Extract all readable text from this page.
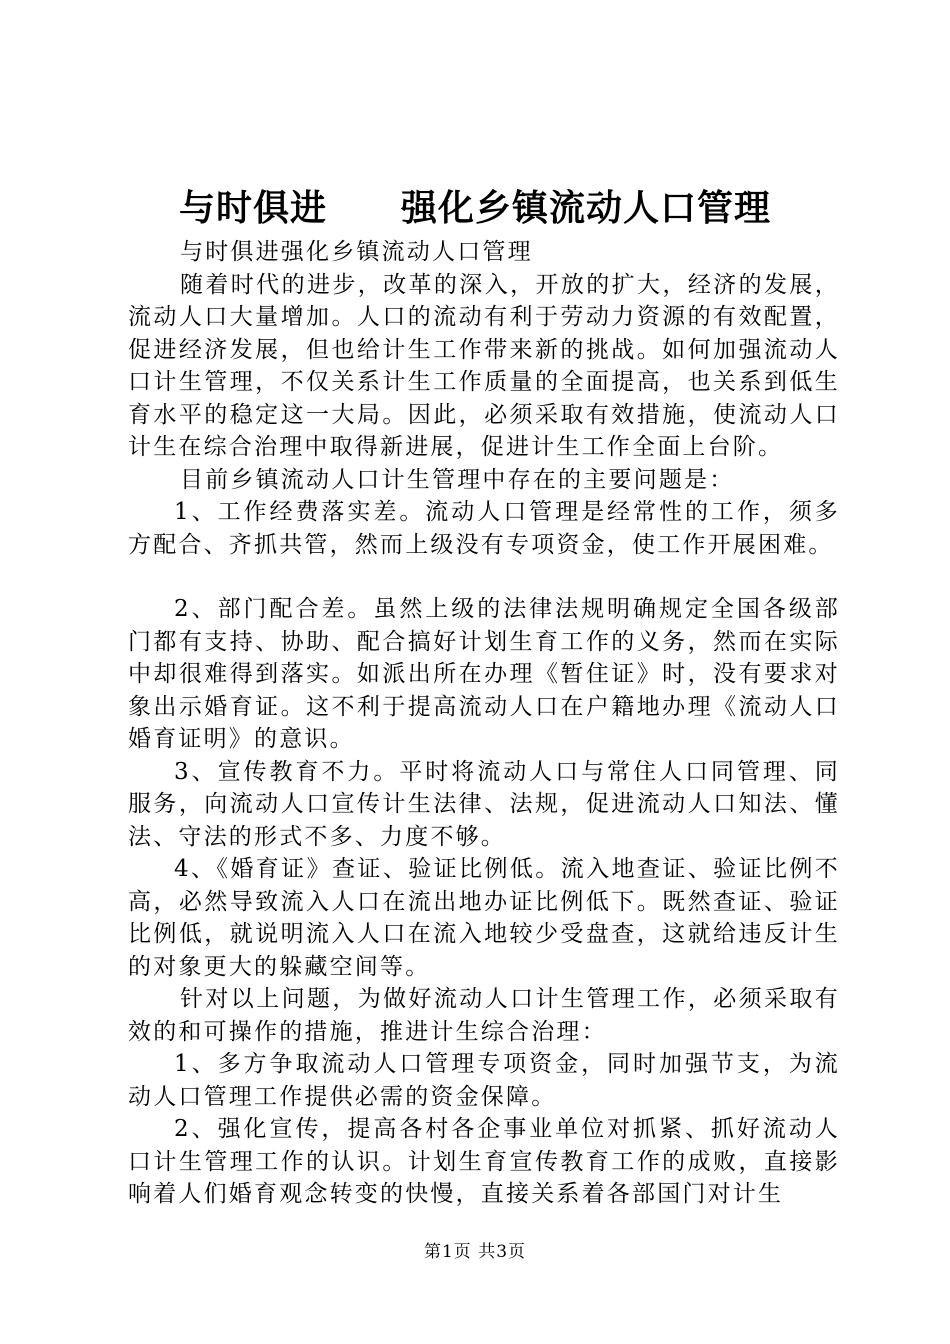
与时俱进　　强化乡镇流动人口管理

与时俱进强化乡镇流动人口管理

随着时代的进步，改革的深入，开放的扩大，经济的发展，流动人口大量增加。人口的流动有利于劳动力资源的有效配置，促进经济发展，但也给计生工作带来新的挑战。如何加强流动人口计生管理，不仅关系计生工作质量的全面提高，也关系到低生育水平的稳定这一大局。因此，必须采取有效措施，使流动人口计生在综合治理中取得新进展，促进计生工作全面上台阶。

目前乡镇流动人口计生管理中存在的主要问题是：

1、工作经费落实差。流动人口管理是经常性的工作，须多方配合、齐抓共管，然而上级没有专项资金，使工作开展困难。

2、部门配合差。虽然上级的法律法规明确规定全国各级部门都有支持、协助、配合搞好计划生育工作的义务，然而在实际中却很难得到落实。如派出所在办理《暂住证》时，没有要求对象出示婚育证。这不利于提高流动人口在户籍地办理《流动人口婚育证明》的意识。

3、宣传教育不力。平时将流动人口与常住人口同管理、同服务，向流动人口宣传计生法律、法规，促进流动人口知法、懂法、守法的形式不多、力度不够。

4、《婚育证》查证、验证比例低。流入地查证、验证比例不高，必然导致流入人口在流出地办证比例低下。既然查证、验证比例低，就说明流入人口在流入地较少受盘查，这就给违反计生的对象更大的躲藏空间等。

针对以上问题，为做好流动人口计生管理工作，必须采取有效的和可操作的措施，推进计生综合治理：

1、多方争取流动人口管理专项资金，同时加强节支，为流动人口管理工作提供必需的资金保障。

2、强化宣传，提高各村各企事业单位对抓紧、抓好流动人口计生管理工作的认识。计划生育宣传教育工作的成败，直接影响着人们婚育观念转变的快慢，直接关系着各部国门对计生

第1页 共3页
